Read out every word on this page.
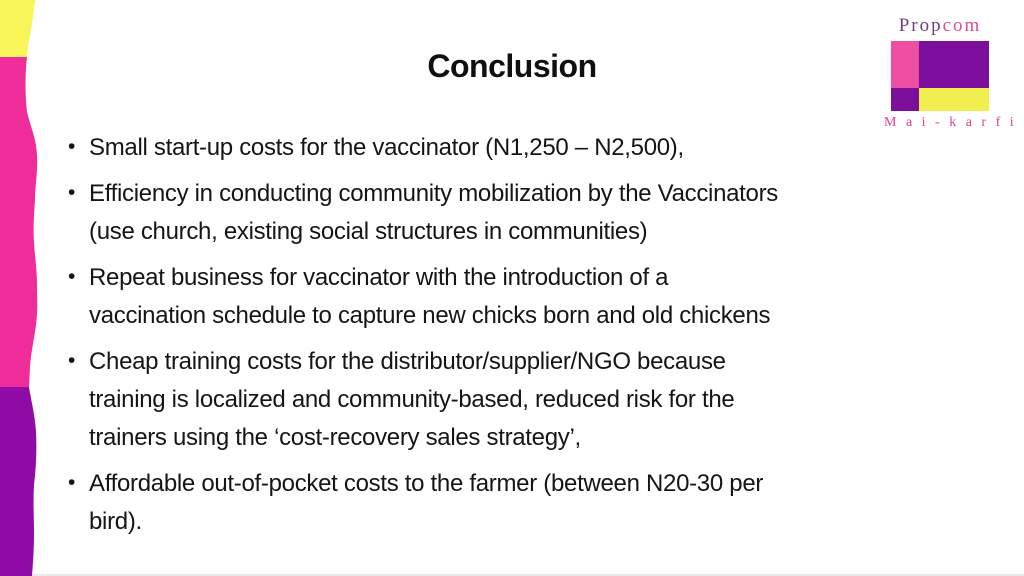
Conclusion
Propcom
M a i - k a r f i
• Small start-up costs for the vaccinator (N1,250 – N2,500),
• Efficiency in conducting community mobilization by the Vaccinators
(use church, existing social structures in communities)
• Repeat business for vaccinator with the introduction of a
vaccination schedule to capture new chicks born and old chickens
• Cheap training costs for the distributor/supplier/NGO because
training is localized and community-based, reduced risk for the
trainers using the ‘cost-recovery sales strategy’,
• Affordable out-of-pocket costs to the farmer (between N20-30 per
bird).
